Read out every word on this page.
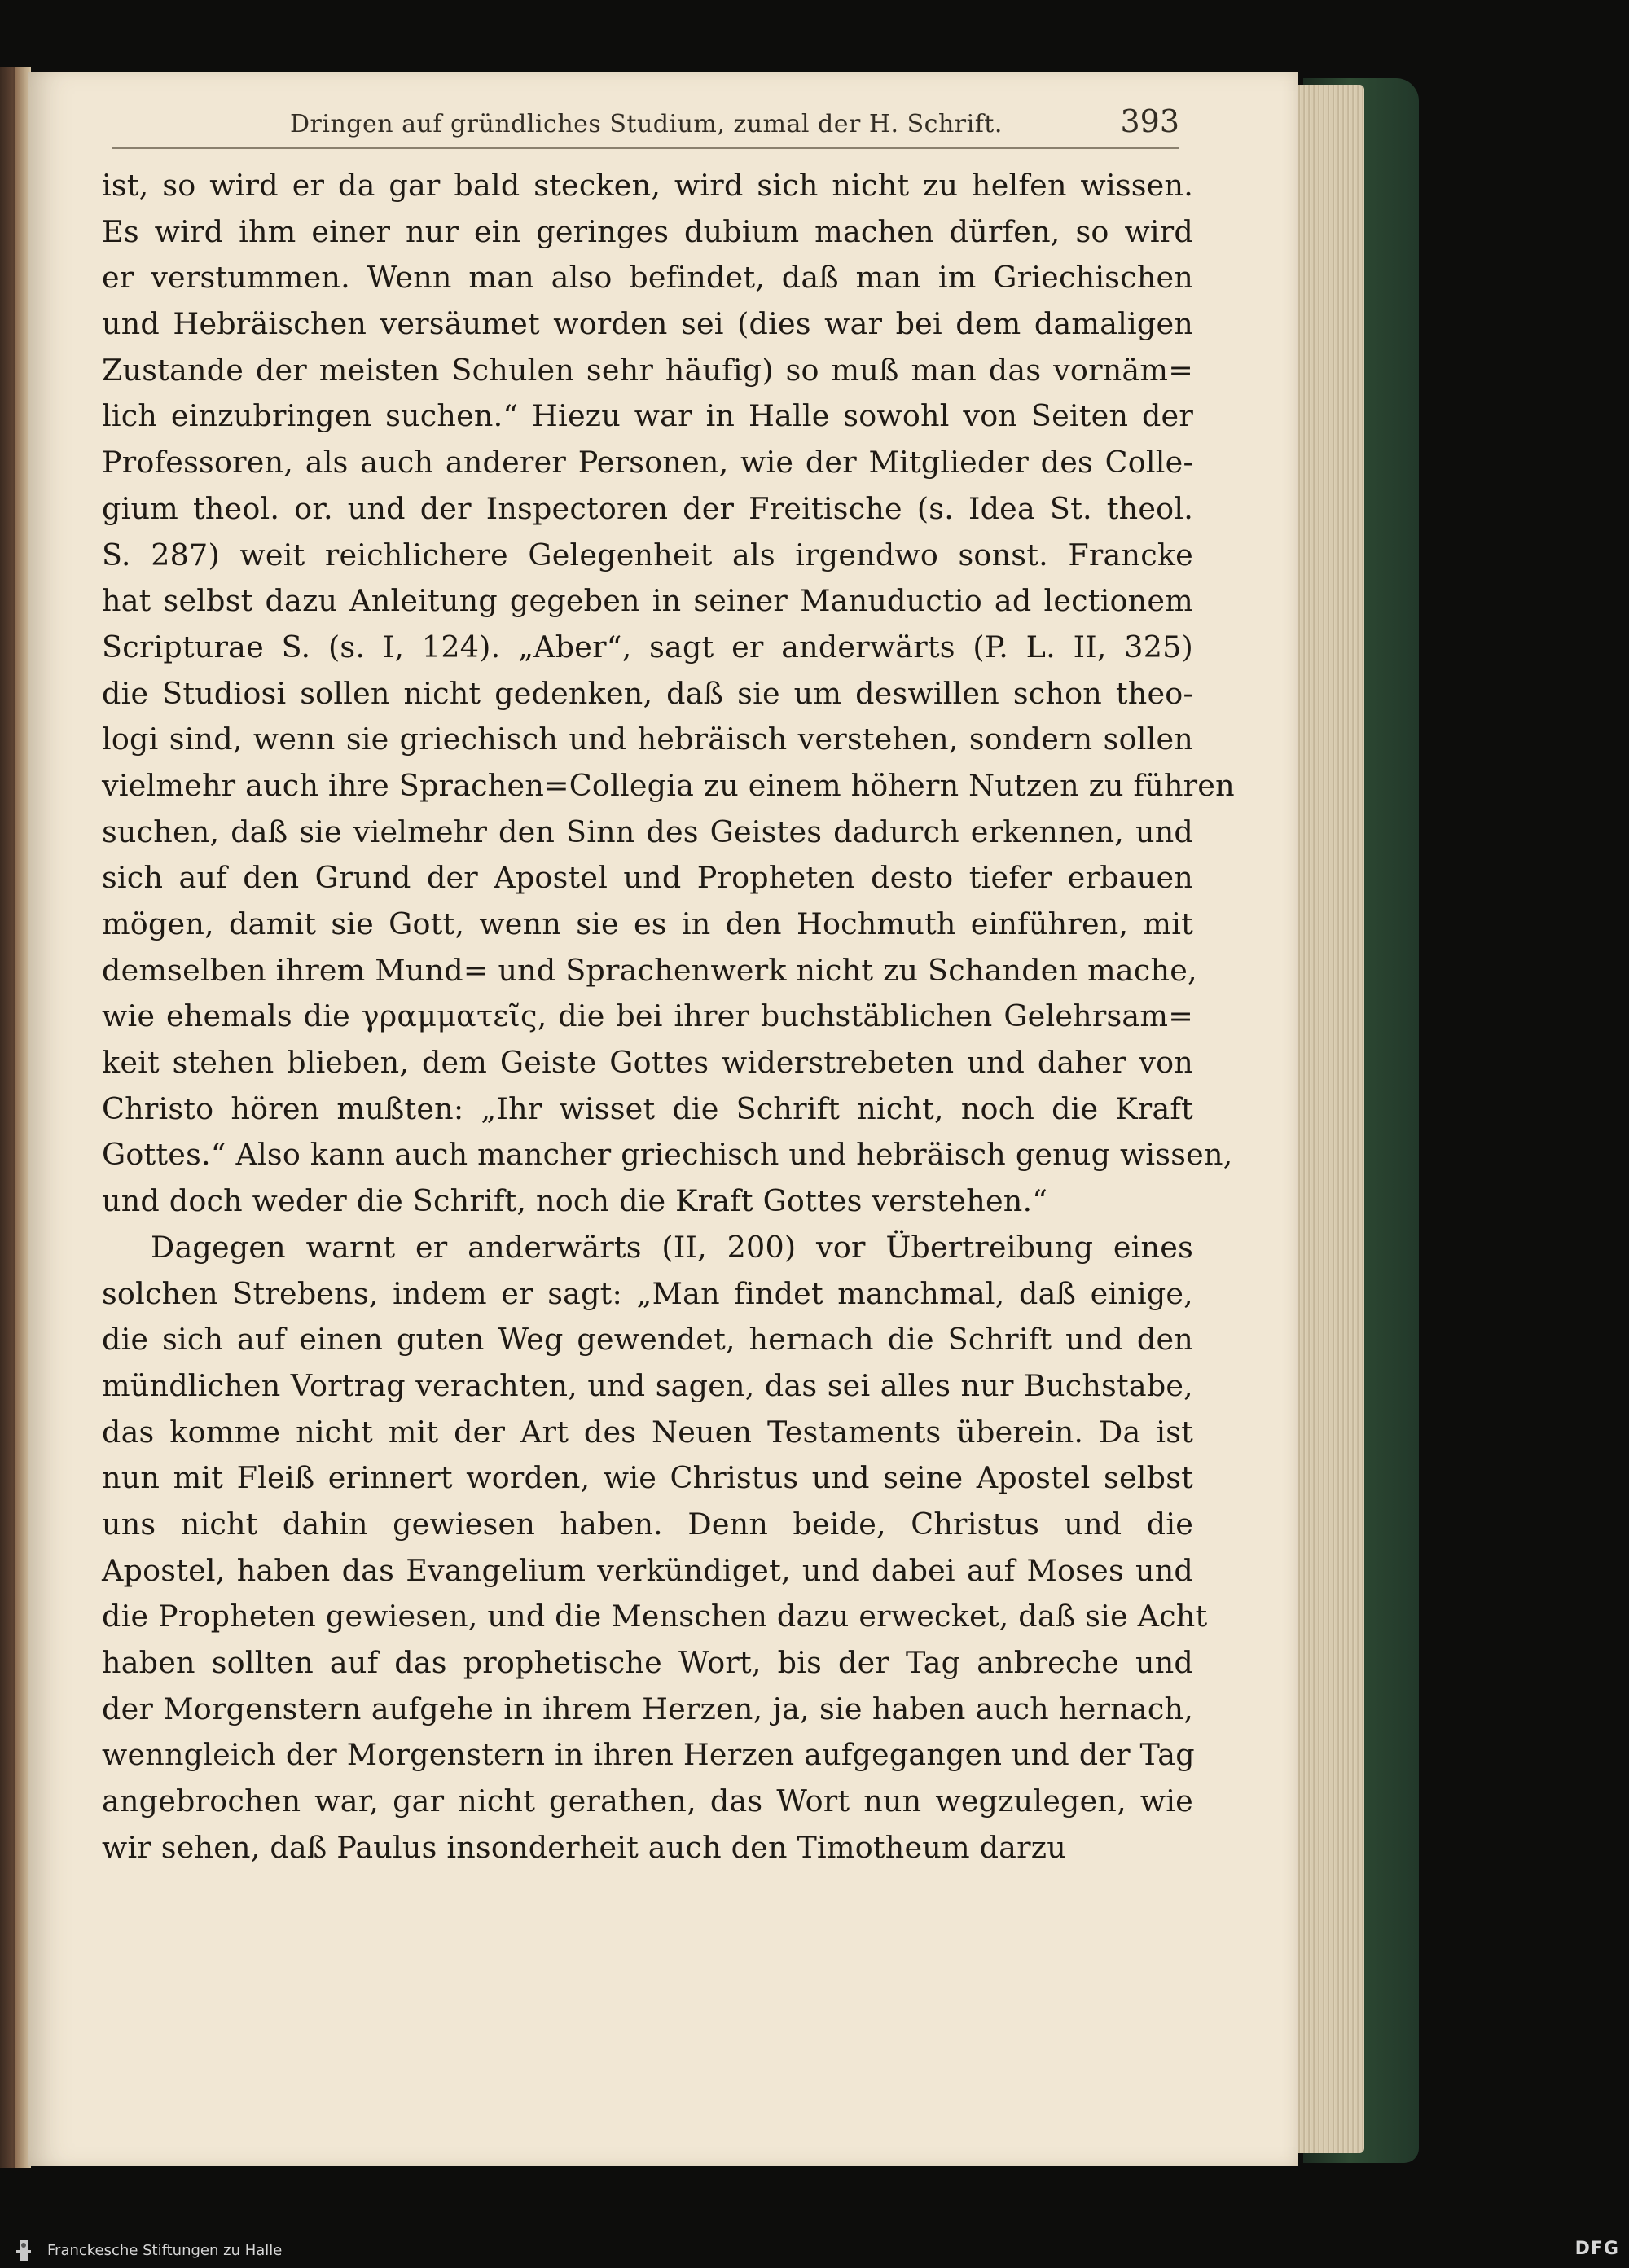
Dringen auf gründliches Studium, zumal der H. Schrift.	393
ist, so wird er da gar bald stecken, wird sich nicht zu helfen wissen.
Es wird ihm einer nur ein geringes dubium machen dürfen, so wird
er verstummen. Wenn man also befindet, daß man im Griechischen
und Hebräischen versäumet worden sei (dies war bei dem damaligen
Zustande der meisten Schulen sehr häufig) so muß man das vornäm=
lich einzubringen suchen.“ Hiezu war in Halle sowohl von Seiten der
Professoren, als auch anderer Personen, wie der Mitglieder des Colle-
gium theol. or. und der Inspectoren der Freitische (s. Idea St. theol.
S. 287) weit reichlichere Gelegenheit als irgendwo sonst. Francke
hat selbst dazu Anleitung gegeben in seiner Manuductio ad lectionem
Scripturae S. (s. I, 124). „Aber“, sagt er anderwärts (P. L. II, 325)
die Studiosi sollen nicht gedenken, daß sie um deswillen schon theo-
logi sind, wenn sie griechisch und hebräisch verstehen, sondern sollen
vielmehr auch ihre Sprachen=Collegia zu einem höhern Nutzen zu führen
suchen, daß sie vielmehr den Sinn des Geistes dadurch erkennen, und
sich auf den Grund der Apostel und Propheten desto tiefer erbauen
mögen, damit sie Gott, wenn sie es in den Hochmuth einführen, mit
demselben ihrem Mund= und Sprachenwerk nicht zu Schanden mache,
wie ehemals die γραμματεῖς, die bei ihrer buchstäblichen Gelehrsam=
keit stehen blieben, dem Geiste Gottes widerstrebeten und daher von
Christo hören mußten: „Ihr wisset die Schrift nicht, noch die Kraft
Gottes.“ Also kann auch mancher griechisch und hebräisch genug wissen,
und doch weder die Schrift, noch die Kraft Gottes verstehen.“
Dagegen warnt er anderwärts (II, 200) vor Übertreibung eines
solchen Strebens, indem er sagt: „Man findet manchmal, daß einige,
die sich auf einen guten Weg gewendet, hernach die Schrift und den
mündlichen Vortrag verachten, und sagen, das sei alles nur Buchstabe,
das komme nicht mit der Art des Neuen Testaments überein. Da ist
nun mit Fleiß erinnert worden, wie Christus und seine Apostel selbst
uns nicht dahin gewiesen haben. Denn beide, Christus und die
Apostel, haben das Evangelium verkündiget, und dabei auf Moses und
die Propheten gewiesen, und die Menschen dazu erwecket, daß sie Acht
haben sollten auf das prophetische Wort, bis der Tag anbreche und
der Morgenstern aufgehe in ihrem Herzen, ja, sie haben auch hernach,
wenngleich der Morgenstern in ihren Herzen aufgegangen und der Tag
angebrochen war, gar nicht gerathen, das Wort nun wegzulegen, wie
wir sehen, daß Paulus insonderheit auch den Timotheum darzu
Franckesche Stiftungen zu Halle	DFG
